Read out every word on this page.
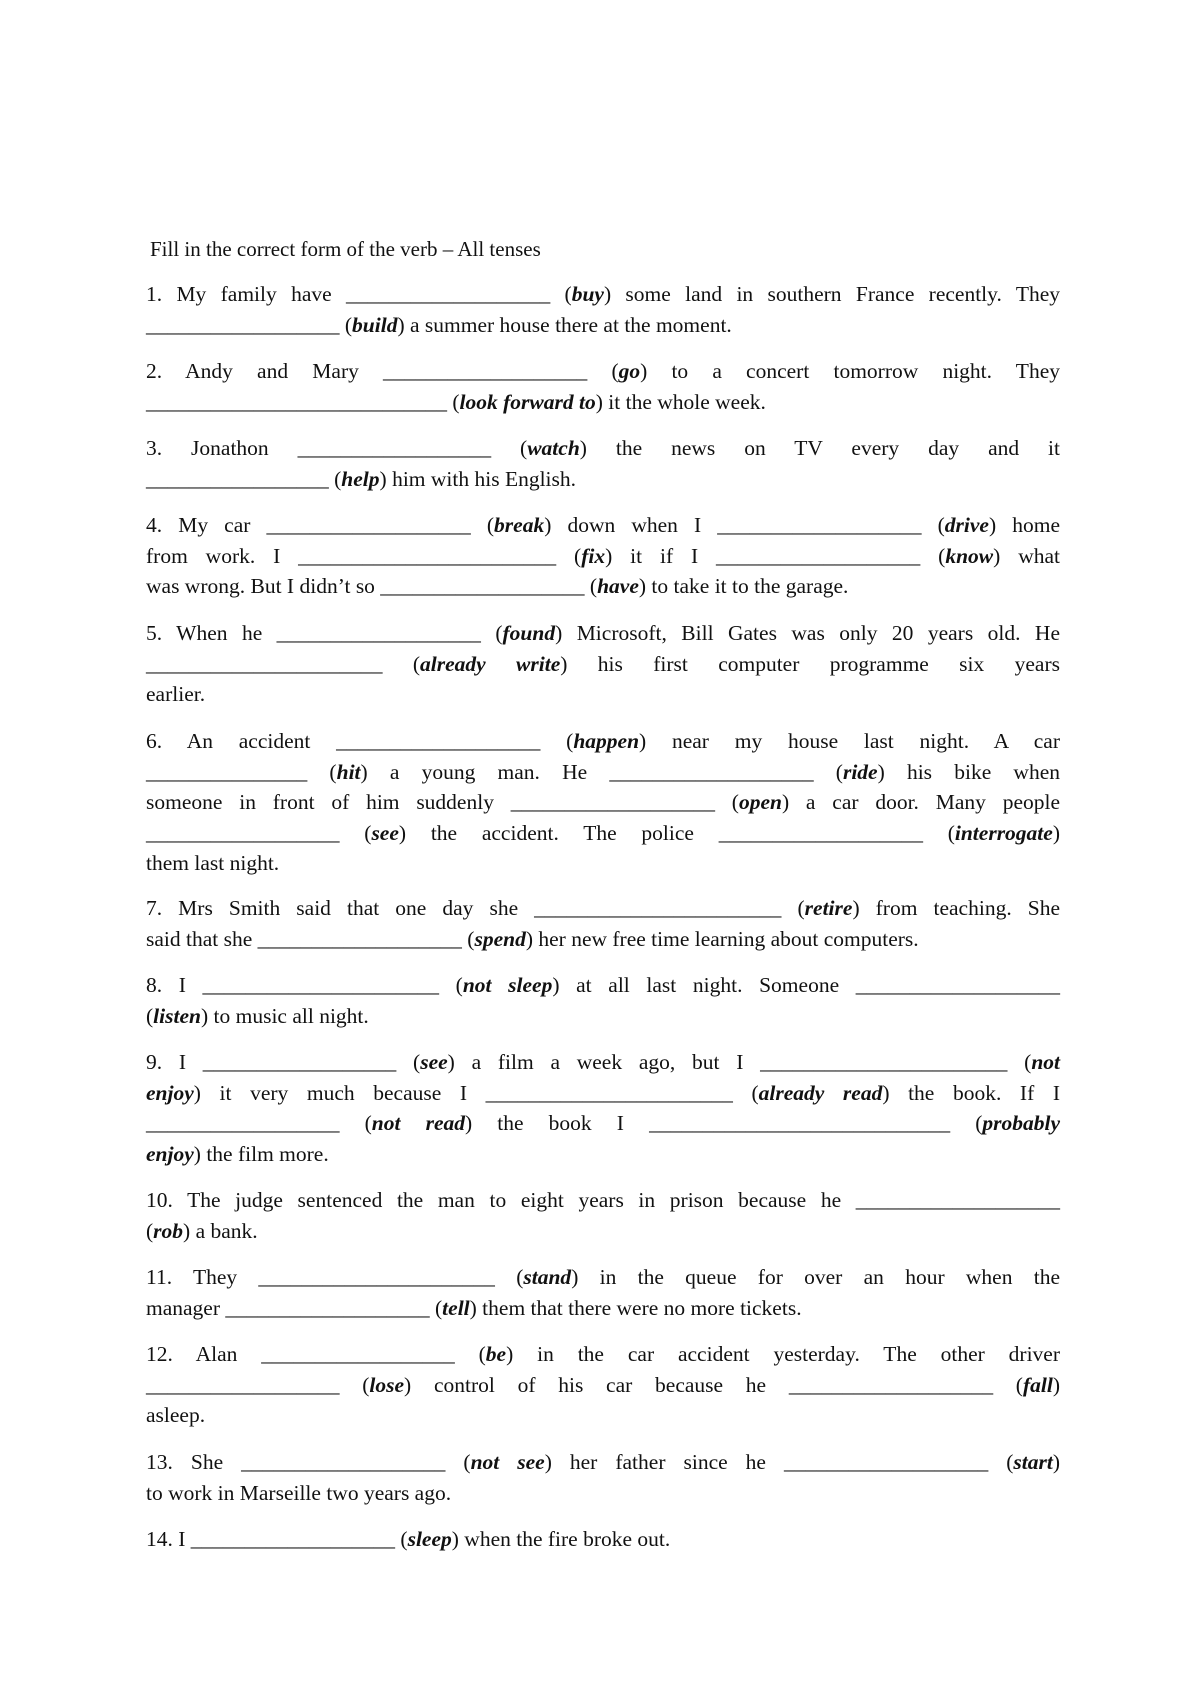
Fill in the correct form of the verb – All tenses
1. My family have ___________________ (buy) some land in southern France recently. They
__________________ (build) a summer house there at the moment.
2. Andy and Mary ___________________ (go) to a concert tomorrow night. They
____________________________ (look forward to) it the whole week.
3. Jonathon __________________ (watch) the news on TV every day and it
_________________ (help) him with his English.
4. My car ___________________ (break) down when I ___________________ (drive) home
from work. I ________________________ (fix) it if I ___________________ (know) what
was wrong. But I didn’t so ___________________ (have) to take it to the garage.
5. When he ___________________ (found) Microsoft, Bill Gates was only 20 years old. He
______________________ (already write) his first computer programme six years
earlier.
6. An accident ___________________ (happen) near my house last night. A car
_______________ (hit) a young man. He ___________________ (ride) his bike when
someone in front of him suddenly ___________________ (open) a car door. Many people
__________________ (see) the accident. The police ___________________ (interrogate)
them last night.
7. Mrs Smith said that one day she _______________________ (retire) from teaching. She
said that she ___________________ (spend) her new free time learning about computers.
8. I ______________________ (not sleep) at all last night. Someone ___________________
(listen) to music all night.
9. I __________________ (see) a film a week ago, but I _______________________ (not
enjoy) it very much because I _______________________ (already read) the book. If I
__________________ (not read) the book I ____________________________ (probably
enjoy) the film more.
10. The judge sentenced the man to eight years in prison because he ___________________
(rob) a bank.
11. They ______________________ (stand) in the queue for over an hour when the
manager ___________________ (tell) them that there were no more tickets.
12. Alan __________________ (be) in the car accident yesterday. The other driver
__________________ (lose) control of his car because he ___________________ (fall)
asleep.
13. She ___________________ (not see) her father since he ___________________ (start)
to work in Marseille two years ago.
14. I ___________________ (sleep) when the fire broke out.
